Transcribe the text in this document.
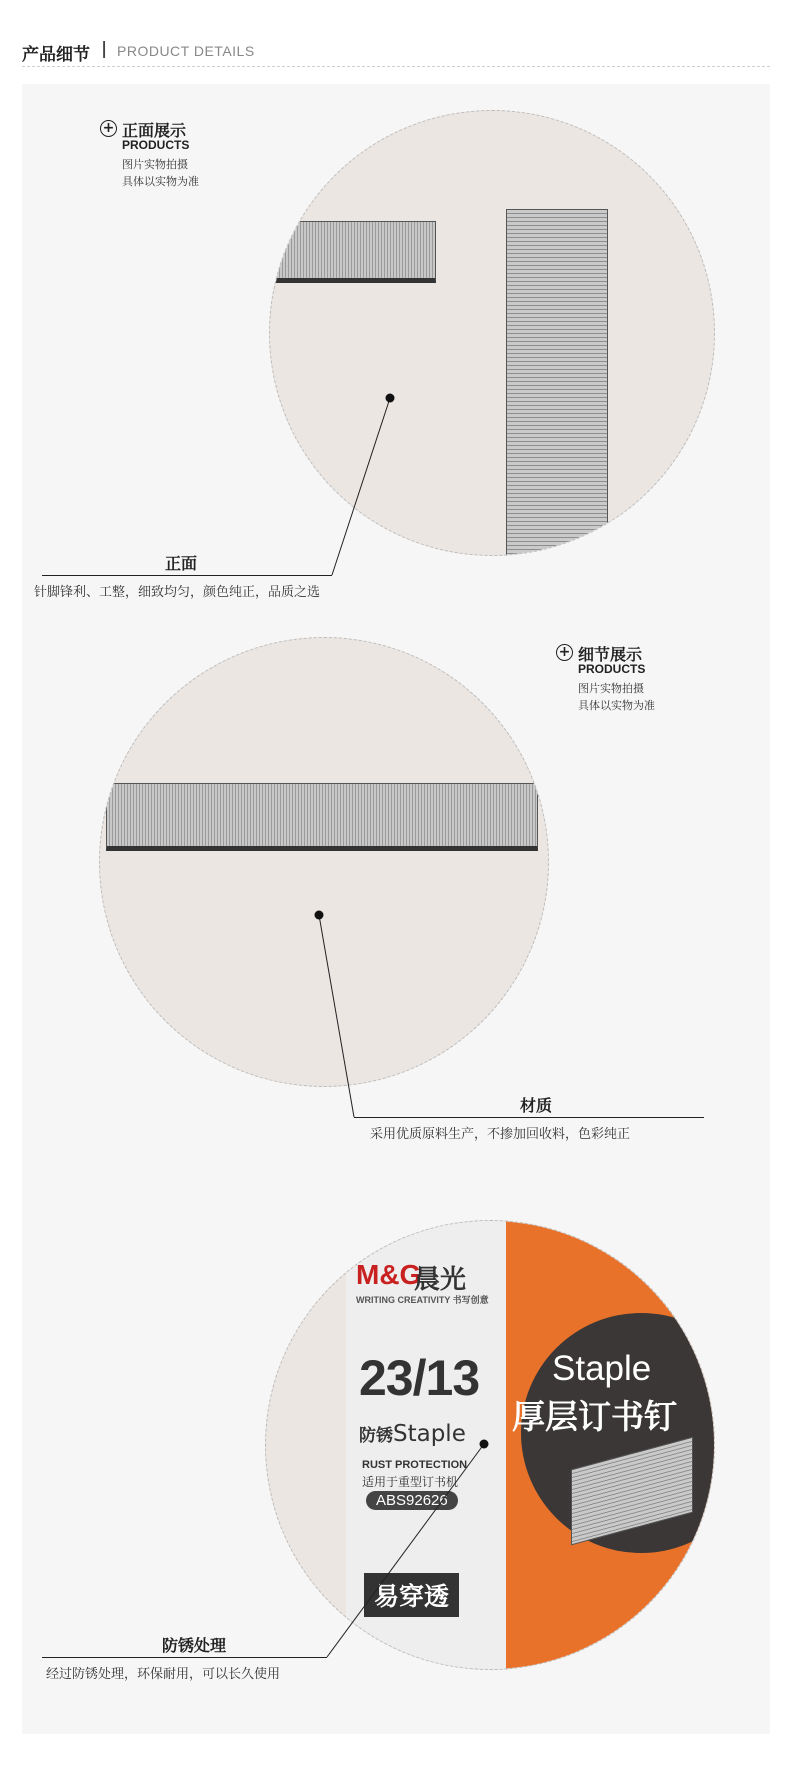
产品细节 | PRODUCT DETAILS
+ 正面展示
PRODUCTS
图片实物拍摄
具体以实物为准
正面
针脚锋利、工整，细致均匀，颜色纯正，品质之选
+ 细节展示
PRODUCTS
图片实物拍摄
具体以实物为准
材质
采用优质原料生产，不掺加回收料，色彩纯正
Staple
厚层订书钉
M&G
晨光
WRITING CREATIVITY 书写创意
23/13
防锈Staple
RUST PROTECTION
适用于重型订书机
ABS92626
易穿透
防锈处理
经过防锈处理，环保耐用，可以长久使用
